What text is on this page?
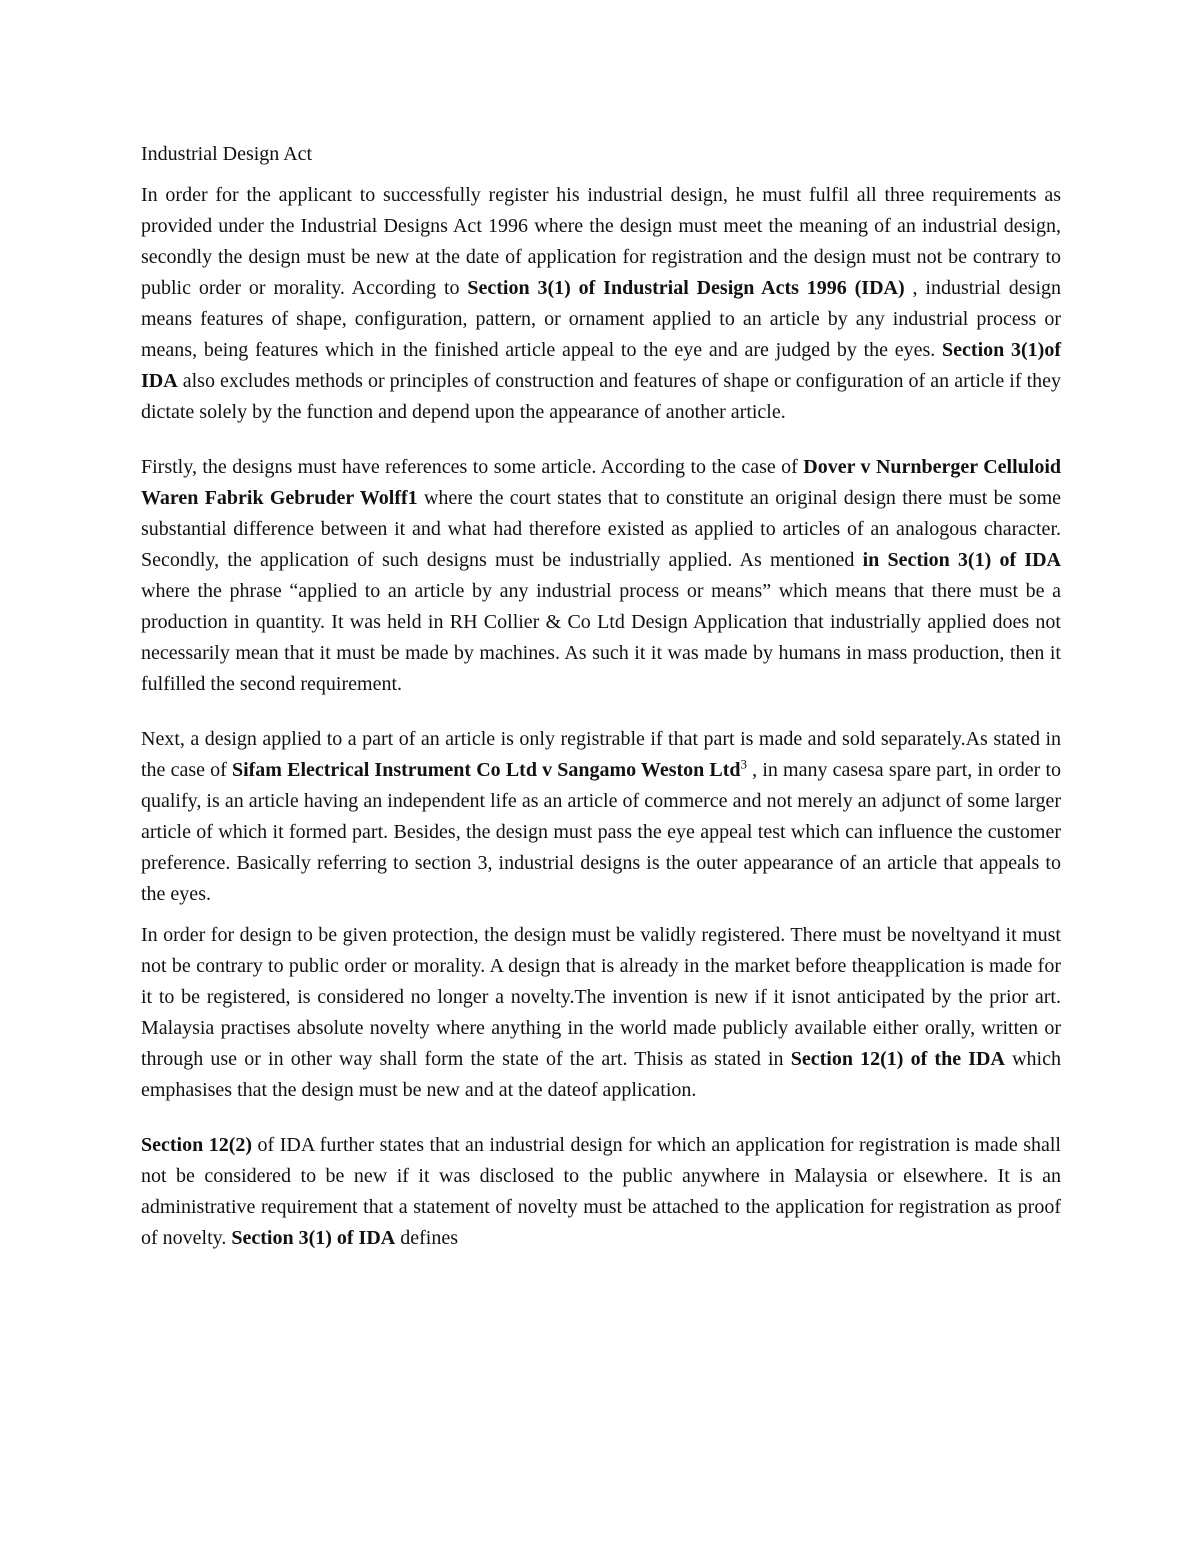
Industrial Design Act

In order for the applicant to successfully register his industrial design, he must fulfil all three requirements as provided under the Industrial Designs Act 1996 where the design must meet the meaning of an industrial design, secondly the design must be new at the date of application for registration and the design must not be contrary to public order or morality. According to Section 3(1) of Industrial Design Acts 1996 (IDA) , industrial design means features of shape, configuration, pattern, or ornament applied to an article by any industrial process or means, being features which in the finished article appeal to the eye and are judged by the eyes. Section 3(1)of IDA also excludes methods or principles of construction and features of shape or configuration of an article if they dictate solely by the function and depend upon the appearance of another article.

Firstly, the designs must have references to some article. According to the case of Dover v Nurnberger Celluloid Waren Fabrik Gebruder Wolff1 where the court states that to constitute an original design there must be some substantial difference between it and what had therefore existed as applied to articles of an analogous character. Secondly, the application of such designs must be industrially applied. As mentioned in Section 3(1) of IDA where the phrase “applied to an article by any industrial process or means” which means that there must be a production in quantity. It was held in RH Collier & Co Ltd Design Application that industrially applied does not necessarily mean that it must be made by machines. As such it it was made by humans in mass production, then it fulfilled the second requirement.

Next, a design applied to a part of an article is only registrable if that part is made and sold separately.As stated in the case of Sifam Electrical Instrument Co Ltd v Sangamo Weston Ltd$^3$ , in many casesa spare part, in order to qualify, is an article having an independent life as an article of commerce and not merely an adjunct of some larger article of which it formed part. Besides, the design must pass the eye appeal test which can influence the customer preference. Basically referring to section 3, industrial designs is the outer appearance of an article that appeals to the eyes.

In order for design to be given protection, the design must be validly registered. There must be noveltyand it must not be contrary to public order or morality. A design that is already in the market before theapplication is made for it to be registered, is considered no longer a novelty.The invention is new if it isnot anticipated by the prior art. Malaysia practises absolute novelty where anything in the world made publicly available either orally, written or through use or in other way shall form the state of the art. Thisis as stated in Section 12(1) of the IDA which emphasises that the design must be new and at the dateof application.

Section 12(2) of IDA further states that an industrial design for which an application for registration is made shall not be considered to be new if it was disclosed to the public anywhere in Malaysia or elsewhere. It is an administrative requirement that a statement of novelty must be attached to the application for registration as proof of novelty. Section 3(1) of IDA defines
